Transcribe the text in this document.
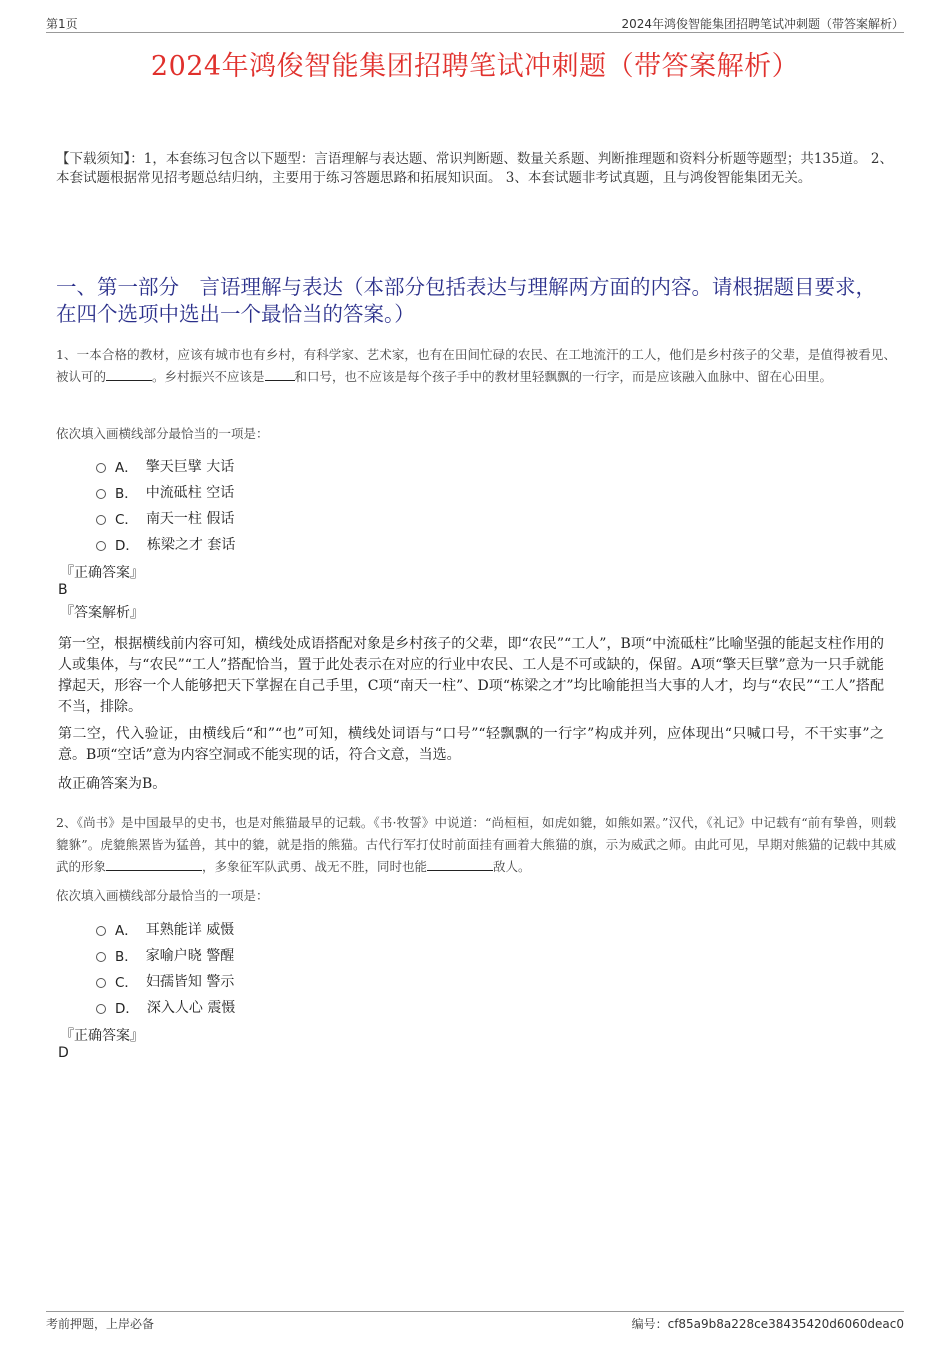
第1页	2024年鸿俊智能集团招聘笔试冲刺题（带答案解析）
2024年鸿俊智能集团招聘笔试冲刺题（带答案解析）
【下载须知】：1，本套练习包含以下题型：言语理解与表达题、常识判断题、数量关系题、判断推理题和资料分析题等题型；共135道。 2、本套试题根据常见招考题总结归纳，主要用于练习答题思路和拓展知识面。 3、本套试题非考试真题，且与鸿俊智能集团无关。
一、第一部分　言语理解与表达（本部分包括表达与理解两方面的内容。请根据题目要求，在四个选项中选出一个最恰当的答案。）
1、一本合格的教材，应该有城市也有乡村，有科学家、艺术家，也有在田间忙碌的农民、在工地流汗的工人，他们是乡村孩子的父辈，是值得被看见、被认可的	。乡村振兴不应该是 和口号，也不应该是每个孩子手中的教材里轻飘飘的一行字，而是应该融入血脉中、留在心田里。
依次填入画横线部分最恰当的一项是：
A． 擎天巨擘 大话
B． 中流砥柱 空话
C． 南天一柱 假话
D． 栋梁之才 套话
『正确答案』
B
『答案解析』
第一空，根据横线前内容可知，横线处成语搭配对象是乡村孩子的父辈，即“农民”“工人”，B项“中流砥柱”比喻坚强的能起支柱作用的人或集体，与“农民”“工人”搭配恰当，置于此处表示在对应的行业中农民、工人是不可或缺的，保留。A项“擎天巨擘”意为一只手就能撑起天，形容一个人能够把天下掌握在自己手里，C项“南天一柱”、D项“栋梁之才”均比喻能担当大事的人才，均与“农民”“工人”搭配不当，排除。
第二空，代入验证，由横线后“和”“也”可知，横线处词语与“口号”“轻飘飘的一行字”构成并列，应体现出“只喊口号，不干实事”之意。B项“空话”意为内容空洞或不能实现的话，符合文意，当选。
故正确答案为B。
2、《尚书》是中国最早的史书，也是对熊猫最早的记载。《书·牧誓》中说道：“尚桓桓，如虎如貔，如熊如罴。”汉代，《礼记》中记载有“前有挚兽，则载貔貅”。虎貔熊罴皆为猛兽，其中的貔，就是指的熊猫。古代行军打仗时前面挂有画着大熊猫的旗，示为威武之师。由此可见，早期对熊猫的记载中其威武的形象	，多象征军队武勇、战无不胜，同时也能	敌人。
依次填入画横线部分最恰当的一项是：
A． 耳熟能详 威慑
B． 家喻户晓 警醒
C． 妇孺皆知 警示
D． 深入人心 震慑
『正确答案』
D
考前押题，上岸必备	编号：cf85a9b8a228ce38435420d6060deac0
